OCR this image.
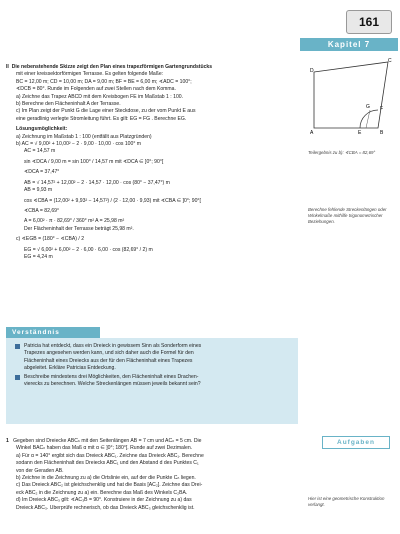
161
Kapitel 7
D
C
A	B
E
F
G
II Die nebenstehende Skizze zeigt den Plan eines trapezförmigen Gartengrundstücks
mit einer kreissektorförmigen Terrasse. Es gelten folgende Maße:
BC = 12,00 m; CD = 10,00 m; DA = 9,00 m; BF = BE = 6,00 m; ∢ADC = 100°;
∢DCB = 80°. Runde im Folgenden auf zwei Stellen nach dem Komma.
a) Zeichne das Trapez ABCD mit dem Kreisbogen FE im Maßstab 1 : 100.
b) Berechne den Flächeninhalt A der Terrasse.
c) Im Plan zeigt der Punkt G die Lage einer Steckdose, zu der vom Punkt E aus
eine geradlinig verlegte Stromleitung führt. Es gilt: EG = FG . Berechne EG.
Lösungsmöglichkeit:
a) Zeichnung im Maßstab 1 : 100 (entfällt aus Platzgründen)
b) AC = √ 9,00² + 10,00² − 2 · 9,00 · 10,00 · cos 100° m
AC = 14,57 m
sin ∢DCA / 9,00 m = sin 100° / 14,57 m mit ∢DCA ∈ ]0°; 90°[
∢DCA = 37,47°
AB = √ 14,57² + 12,00² − 2 · 14,57 · 12,00 · cos (80° − 37,47°) m
AB = 9,93 m
cos ∢CBA = (12,00² + 9,93² − 14,57²) / (2 · 12,00 · 9,93) mit ∢CBA ∈ ]0°; 90°[
∢CBA = 82,69°
A = 6,00² · π · 82,69° / 360° m² A = 25,98 m²
Der Flächeninhalt der Terrasse beträgt 25,98 m².
c) ∢EGB = (180° − ∢CBA) / 2
EG = √ 6,00² + 6,00² − 2 · 6,00 · 6,00 · cos (82,69° / 2) m
EG = 4,24 m
Teilergebnis zu b): ∢CBA = 82,69°
Berechne fehlende Streckenlängen oder Winkelmaße mithilfe trigonometrischer Beziehungen.
Verständnis
Patricia hat entdeckt, dass ein Dreieck in gewissem Sinn als Sonderform eines
Trapezes angesehen werden kann, und sich daher auch die Formel für den
Flächeninhalt eines Dreiecks aus der für den Flächeninhalt eines Trapezes
abgeleitet. Erkläre Patricias Entdeckung.
Beschreibe mindestens drei Möglichkeiten, den Flächeninhalt eines Drachen-
vierecks zu berechnen. Welche Streckenlängen müssen jeweils bekannt sein?
Aufgaben
1 Gegeben sind Dreiecke ABCₙ mit den Seitenlängen AB = 7 cm und ACₙ = 5 cm. Die
Winkel BACₙ haben das Maß α mit α ∈ ]0°; 180°[. Runde auf zwei Dezimalen.
a) Für α = 140° ergibt sich das Dreieck ABC₁. Zeichne das Dreieck ABC₁. Berechne
sodann den Flächeninhalt des Dreiecks ABC₁ und den Abstand d des Punktes C₁
von der Geraden AB.
b) Zeichne in die Zeichnung zu a) die Ortslinie ein, auf der die Punkte Cₙ liegen.
c) Das Dreieck ABC₂ ist gleichschenklig und hat die Basis [AC₂]. Zeichne das Drei-
eck ABC₂ in die Zeichnung zu a) ein. Berechne das Maß des Winkels C₂BA.
d) Im Dreieck ABC₃ gilt: ∢AC₃B = 90°. Konstruiere in der Zeichnung zu a) das
Dreieck ABC₃. Überprüfe rechnerisch, ob das Dreieck ABC₃ gleichschenklig ist.
Hier ist eine geometrische Konstruktion verlangt.
